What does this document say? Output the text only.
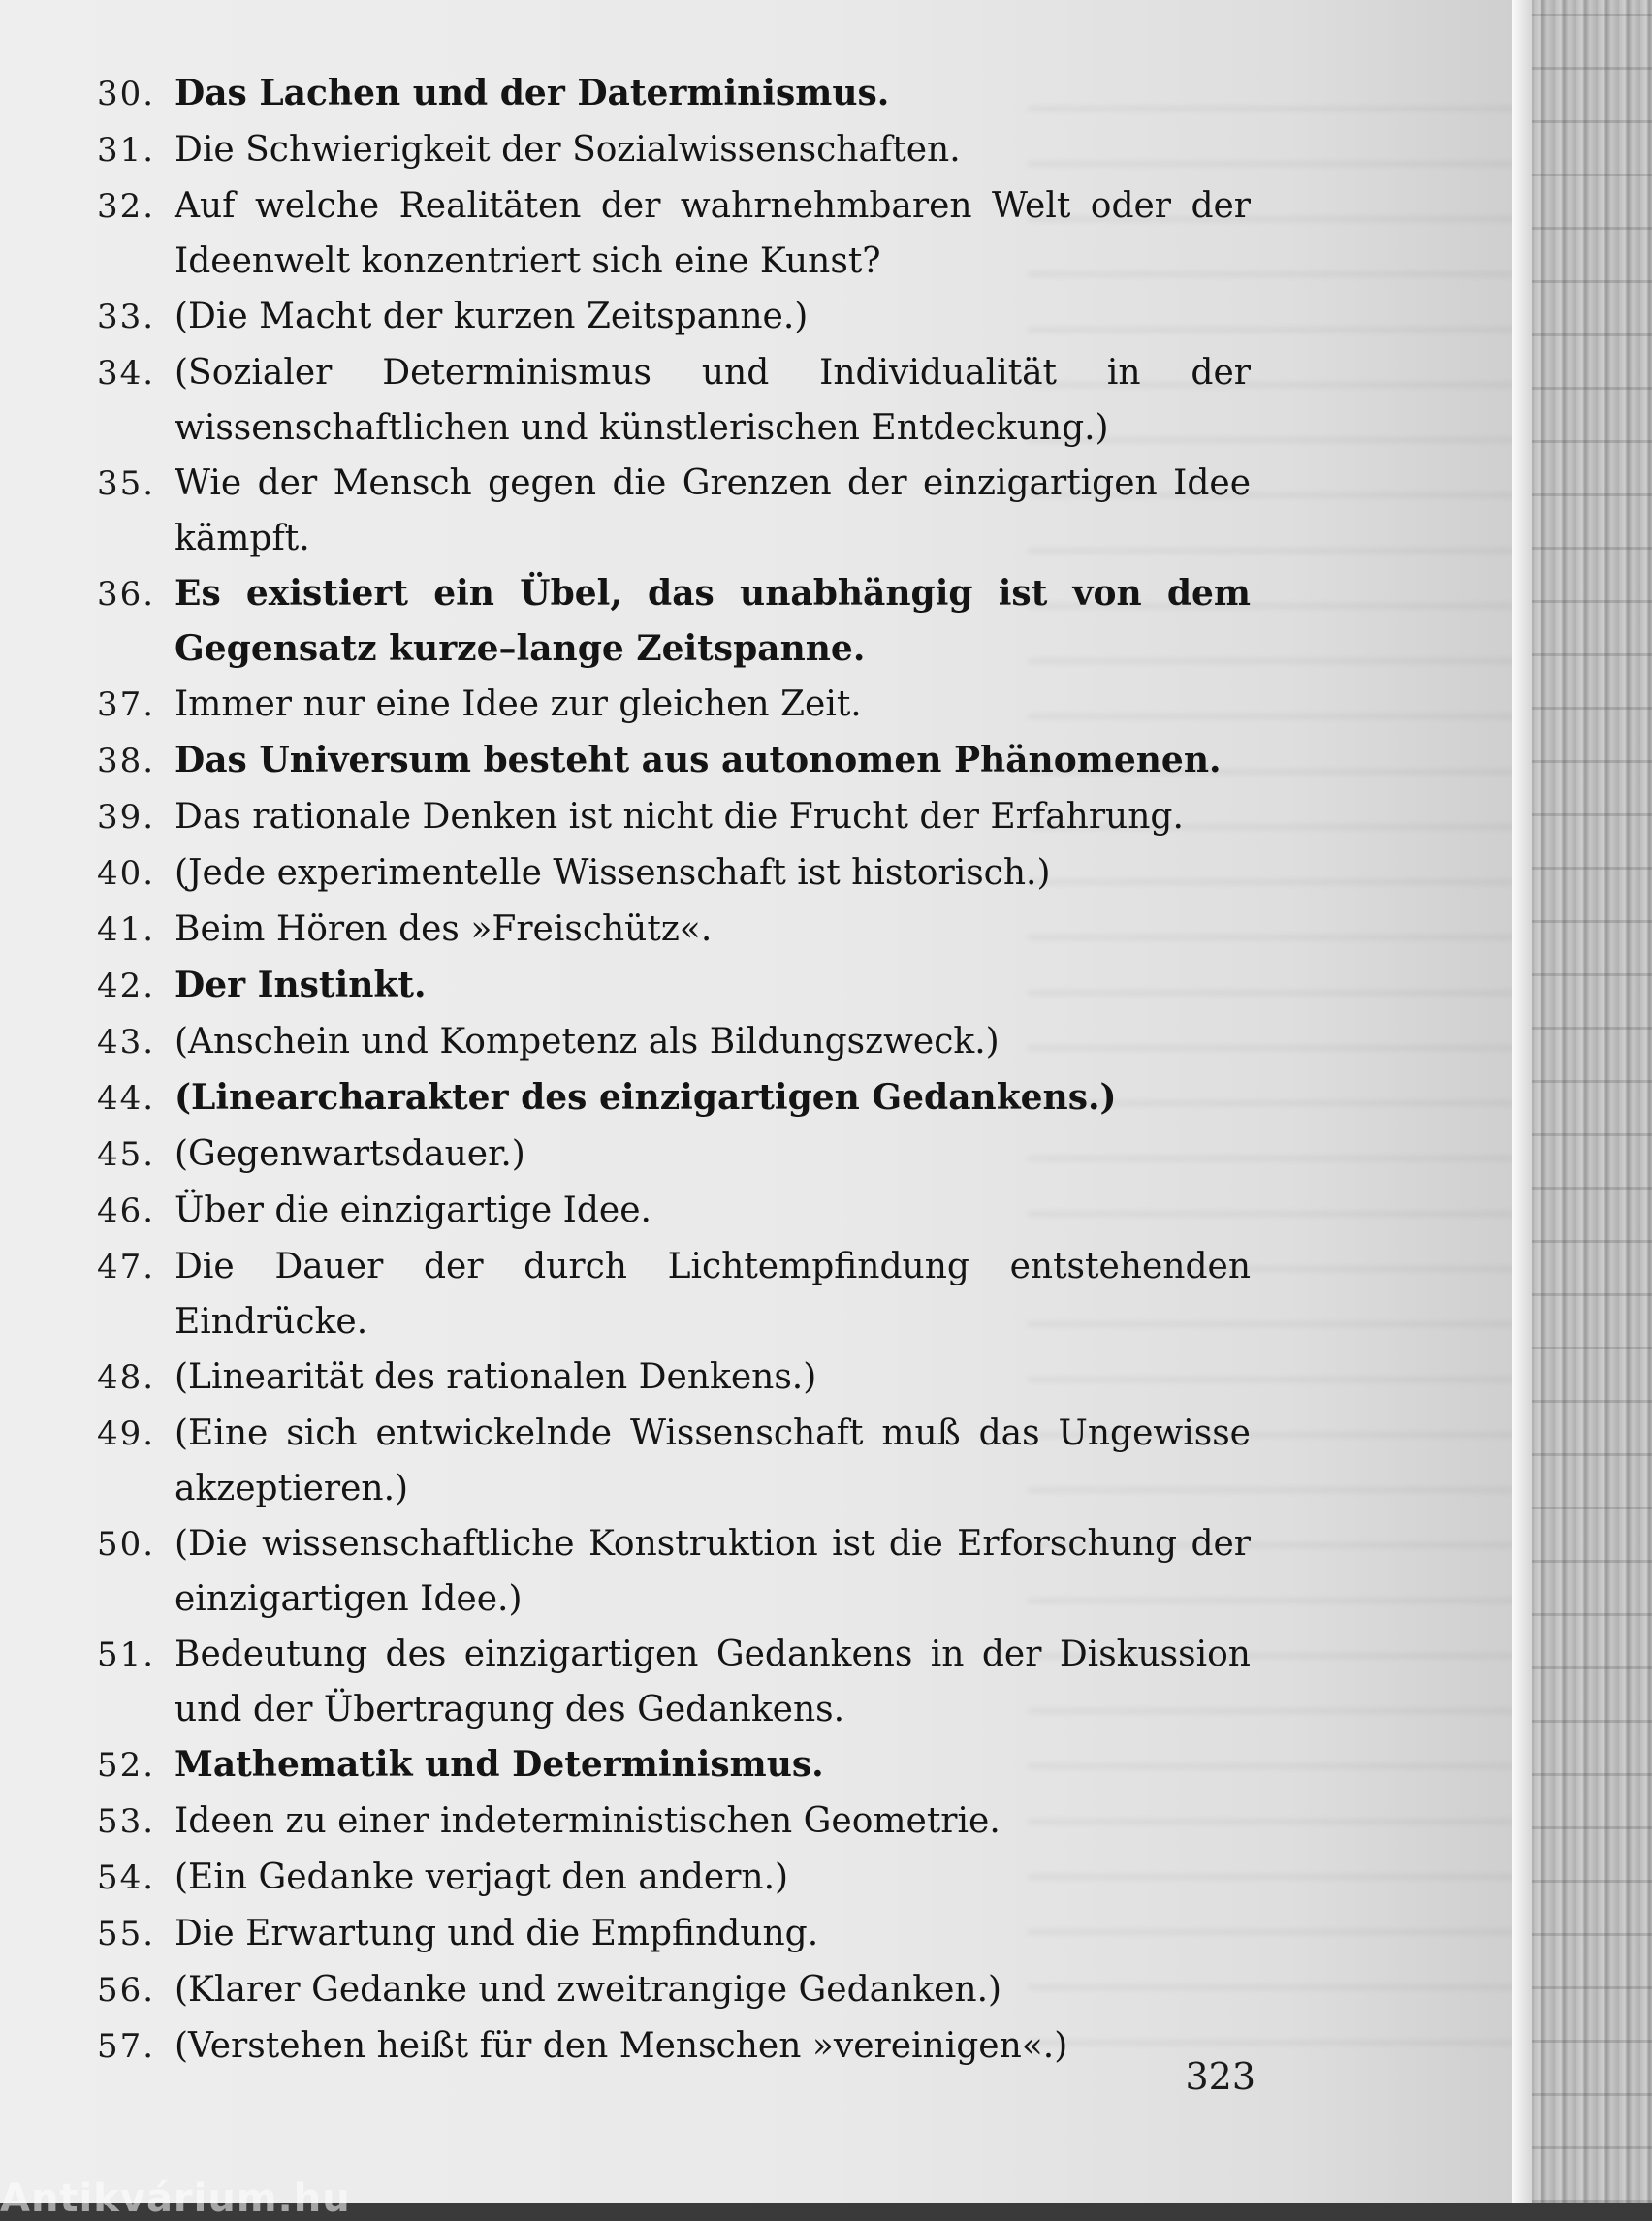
30. Das Lachen und der Daterminismus.
31. Die Schwierigkeit der Sozialwissenschaften.
32. Auf welche Realitäten der wahrnehmbaren Welt oder der Ideenwelt konzentriert sich eine Kunst?
33. (Die Macht der kurzen Zeitspanne.)
34. (Sozialer Determinismus und Individualität in der wissenschaftlichen und künstlerischen Entdeckung.)
35. Wie der Mensch gegen die Grenzen der einzigartigen Idee kämpft.
36. Es existiert ein Übel, das unabhängig ist von dem Gegensatz kurze–lange Zeitspanne.
37. Immer nur eine Idee zur gleichen Zeit.
38. Das Universum besteht aus autonomen Phänomenen.
39. Das rationale Denken ist nicht die Frucht der Erfahrung.
40. (Jede experimentelle Wissenschaft ist historisch.)
41. Beim Hören des »Freischütz«.
42. Der Instinkt.
43. (Anschein und Kompetenz als Bildungszweck.)
44. (Linearcharakter des einzigartigen Gedankens.)
45. (Gegenwartsdauer.)
46. Über die einzigartige Idee.
47. Die Dauer der durch Lichtempfindung entstehenden Eindrücke.
48. (Linearität des rationalen Denkens.)
49. (Eine sich entwickelnde Wissenschaft muß das Ungewisse akzeptieren.)
50. (Die wissenschaftliche Konstruktion ist die Erforschung der einzigartigen Idee.)
51. Bedeutung des einzigartigen Gedankens in der Diskussion und der Übertragung des Gedankens.
52. Mathematik und Determinismus.
53. Ideen zu einer indeterministischen Geometrie.
54. (Ein Gedanke verjagt den andern.)
55. Die Erwartung und die Empfindung.
56. (Klarer Gedanke und zweitrangige Gedanken.)
57. (Verstehen heißt für den Menschen »vereinigen«.)
323
Antikvárium.hu
